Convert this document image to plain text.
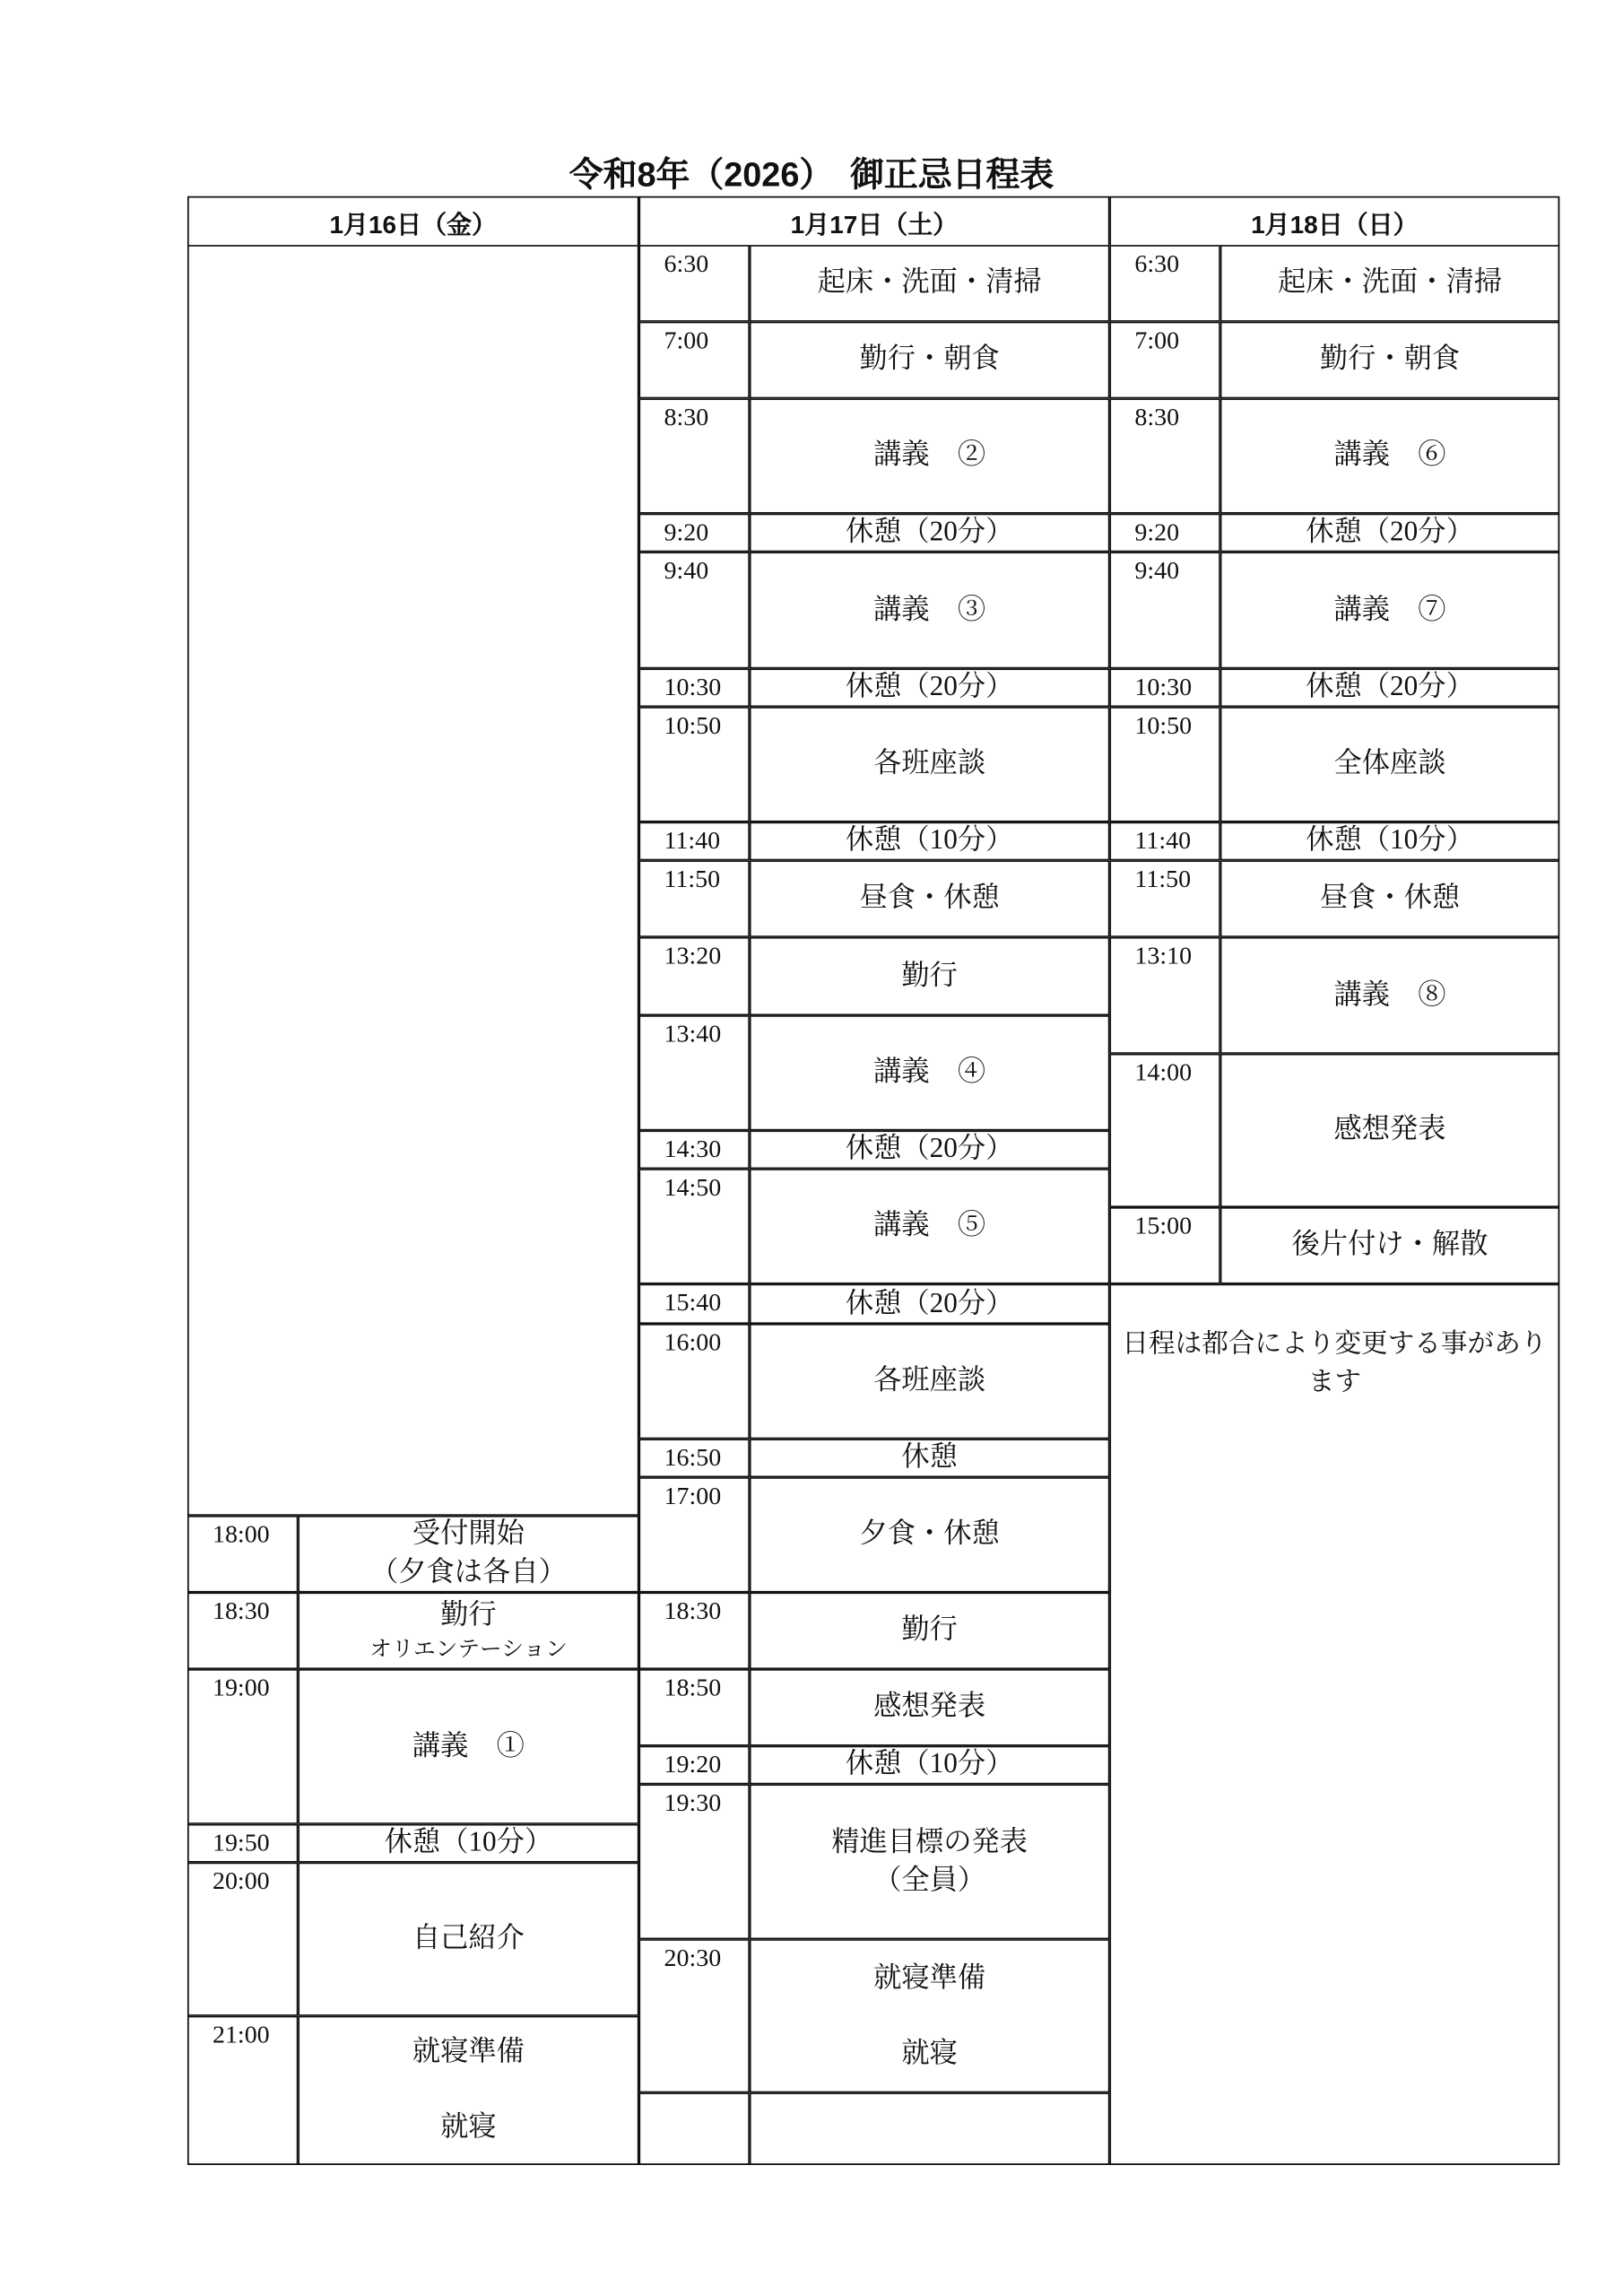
令和8年（2026）　御正忌日程表
1月16日（金）
18:00	受付開始
（夕食は各自）
18:30	勤行
オリエンテーション
19:00
講義　①
19:50	休憩（10分）
20:00
自己紹介
21:00
就寝準備

就寝
1月17日（土）
6:30
起床・洗面・清掃
7:00
勤行・朝食
8:30
講義　②
9:20	休憩（20分）
9:40
講義　③
10:30	休憩（20分）
10:50
各班座談
11:40	休憩（10分）
11:50
昼食・休憩
13:20
勤行
13:40
講義　④
14:30	休憩（20分）
14:50
講義　⑤
15:40	休憩（20分）
16:00
各班座談
16:50	休憩
17:00
夕食・休憩
18:30
勤行
18:50
感想発表
19:20	休憩（10分）
19:30
精進目標の発表
（全員）
20:30
就寝準備

就寝
1月18日（日）
6:30
起床・洗面・清掃
7:00
勤行・朝食
8:30
講義　⑥
9:20	休憩（20分）
9:40
講義　⑦
10:30	休憩（20分）
10:50
全体座談
11:40	休憩（10分）
11:50
昼食・休憩
13:10
講義　⑧
14:00
感想発表
15:00
後片付け・解散
日程は都合により変更する事があります
